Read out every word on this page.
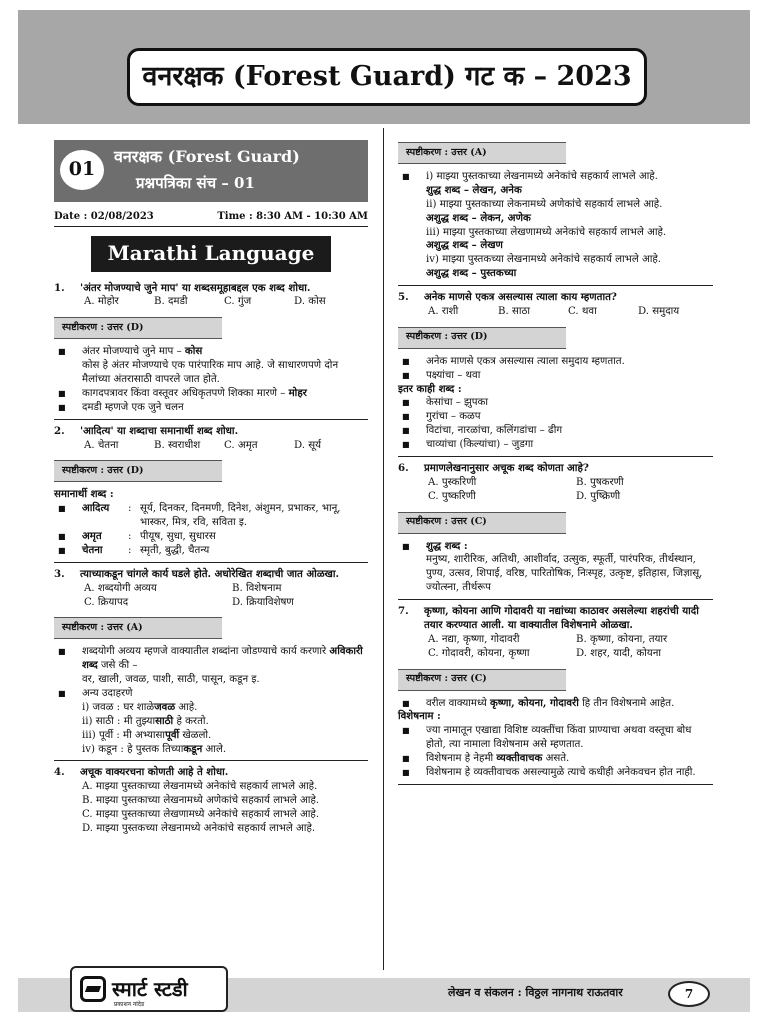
वनरक्षक (Forest Guard) गट क – 2023
01
वनरक्षक (Forest Guard)
प्रश्नपत्रिका संच – 01
Date : 02/08/2023	Time : 8:30 AM - 10:30 AM
Marathi Language
1.	'अंतर मोजण्याचे जुने माप' या शब्दसमूहाबद्दल एक शब्द शोधा.
A. मोहोर	B. दमडी	C. गुंज	D. कोस
स्पष्टीकरण : उत्तर (D)
■	अंतर मोजण्याचे जुने माप – कोस
कोस हे अंतर मोजण्याचे एक पारंपारिक माप आहे. जे साधारणपणे दोन मैलांच्या अंतरासाठी वापरले जात होते.
■	कागदपत्रावर किंवा वस्तूवर अधिकृतपणे शिक्का मारणे – मोहर
■	दमडी म्हणजे एक जुने चलन
2.	'आदित्य' या शब्दाचा समानार्थी शब्द शोधा.
A. चेतना	B. स्वराधीश	C. अमृत	D. सूर्य
स्पष्टीकरण : उत्तर (D)
समानार्थी शब्द :
■	आदित्य	: सूर्य, दिनकर, दिनमणी, दिनेश, अंशुमन, प्रभाकर, भानू, भास्कर, मित्र, रवि, सविता इ.
■	अमृत	: पीयूष, सुधा, सुधारस
■	चेतना	: स्मृती, बुद्धी, चैतन्य
3.	त्याच्याकडून चांगले कार्य घडले होते. अधोरेखित शब्दाची जात ओळखा.
A. शब्दयोगी अव्यय	B. विशेषनाम
C. क्रियापद	D. क्रियाविशेषण
स्पष्टीकरण : उत्तर (A)
■	शब्दयोगी अव्यय म्हणजे वाक्यातील शब्दांना जोडण्याचे कार्य करणारे अविकारी शब्द जसे की –
वर, खाली, जवळ, पाशी, साठी, पासून, कडून इ.
■	अन्य उदाहरणे
i) जवळ : घर शाळेजवळ आहे.
ii) साठी : मी तुझ्यासाठी हे करतो.
iii) पूर्वी : मी अभ्यासापूर्वी खेळलो.
iv) कडून : हे पुस्तक तिच्याकडून आले.
4.	अचूक वाक्यरचना कोणती आहे ते शोधा.
A. माझ्या पुस्तकाच्या लेखनामध्ये अनेकांचे सहकार्य लाभले आहे.
B. माझ्या पुस्तकाच्या लेखनामध्ये अणेकांचे सहकार्य लाभले आहे.
C. माझ्या पुस्तकाच्या लेखणामध्ये अनेकांचे सहकार्य लाभले आहे.
D. माझ्या पुस्तकच्या लेखनामध्ये अनेकांचे सहकार्य लाभले आहे.
स्पष्टीकरण : उत्तर (A)
■	i) माझ्या पुस्तकाच्या लेखनामध्ये अनेकांचे सहकार्य लाभले आहे.
शुद्ध शब्द – लेखन, अनेक
ii) माझ्या पुस्तकाच्या लेकनामध्ये अणेकांचे सहकार्य लाभले आहे.
अशुद्ध शब्द – लेकन, अणेक
iii) माझ्या पुस्तकाच्या लेखणामध्ये अनेकांचे सहकार्य लाभले आहे.
अशुद्ध शब्द – लेखण
iv) माझ्या पुस्तकच्या लेखनामध्ये अनेकांचे सहकार्य लाभले आहे.
अशुद्ध शब्द – पुस्तकच्या
5.	अनेक माणसे एकत्र असल्यास त्याला काय म्हणतात?
A. राशी	B. साठा	C. थवा	D. समुदाय
स्पष्टीकरण : उत्तर (D)
■	अनेक माणसे एकत्र असल्यास त्याला समुदाय म्हणतात.
■	पक्ष्यांचा – थवा
इतर काही शब्द :
■	केसांचा – झुपका
■	गुरांचा – कळप
■	विटांचा, नारळांचा, कलिंगडांचा – ढीग
■	चाव्यांचा (किल्यांचा) – जुडगा
6.	प्रमाणलेखनानुसार अचूक शब्द कोणता आहे?
A. पुस्करिणी	B. पुषकरणी
C. पुष्करिणी	D. पुष्क्रिणी
स्पष्टीकरण : उत्तर (C)
■	शुद्ध शब्द :
मनुष्य, शारीरिक, अतिथी, आशीर्वाद, उत्सुक, स्फूर्ती, पारंपरिक, तीर्थस्थान, पुण्य, उत्सव, शिपाई, वरिष्ठ, पारितोषिक, निःस्पृह, उत्कृष्ट, इतिहास, जिज्ञासू, ज्योत्स्ना, तीर्थरूप
7.	कृष्णा, कोयना आणि गोदावरी या नद्यांच्या काठावर असलेल्या शहरांची यादी तयार करण्यात आली. या वाक्यातील विशेषनामे ओळखा.
A. नद्या, कृष्णा, गोदावरी	B. कृष्णा, कोयना, तयार
C. गोदावरी, कोयना, कृष्णा	D. शहर, यादी, कोयना
स्पष्टीकरण : उत्तर (C)
■	वरील वाक्यामध्ये कृष्णा, कोयना, गोदावरी हि तीन विशेषनामे आहेत.
विशेषनाम :
■	ज्या नामातून एखाद्या विशिष्ट व्यक्तींचा किंवा प्राण्याचा अथवा वस्तूचा बोध होतो, त्या नामाला विशेषनाम असे म्हणतात.
■	विशेषनाम हे नेहमी व्यक्तीवाचक असते.
■	विशेषनाम हे व्यक्तीवाचक असल्यामुळे त्याचे कधीही अनेकवचन होत नाही.
स्मार्ट स्टडी
प्रकाशन नांदेड
लेखन व संकलन : विठ्ठल नागनाथ राऊतवार	7
